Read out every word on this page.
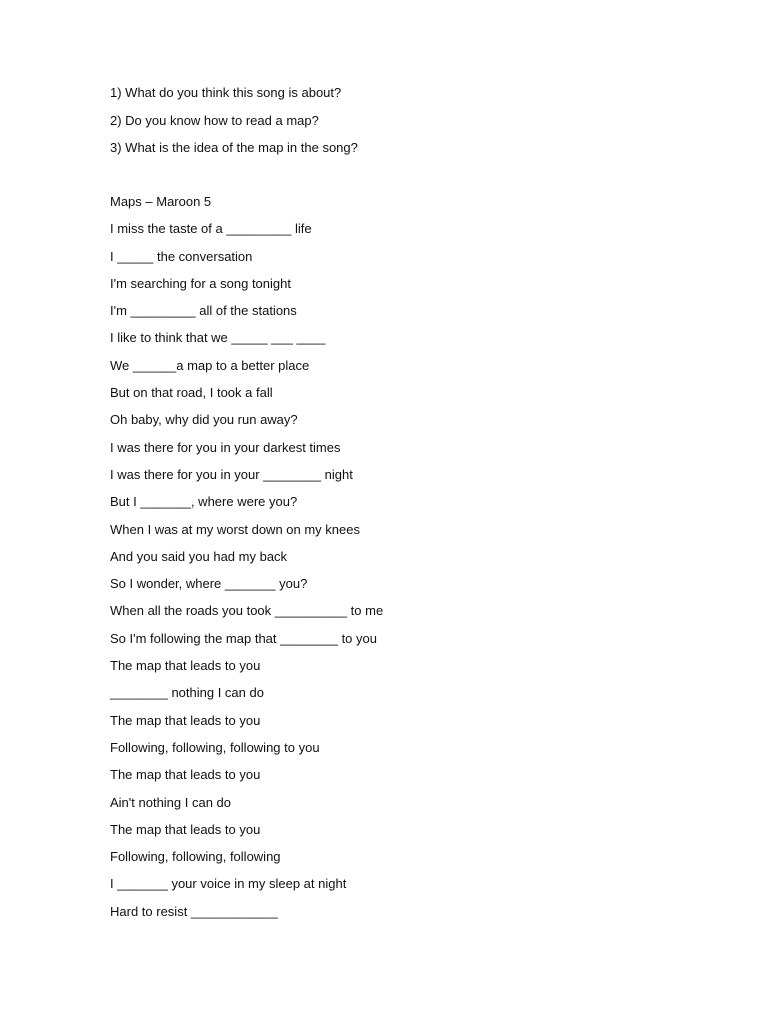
1) What do you think this song is about?
2) Do you know how to read a map?
3) What is the idea of the map in the song?
Maps – Maroon 5
I miss the taste of a _________ life
I _____ the conversation
I'm searching for a song tonight
I'm _________ all of the stations
I like to think that we _____ ___ ____
We ______a map to a better place
But on that road, I took a fall
Oh baby, why did you run away?
I was there for you in your darkest times
I was there for you in your ________ night
But I _______, where were you?
When I was at my worst down on my knees
And you said you had my back
So I wonder, where _______ you?
When all the roads you took __________ to me
So I'm following the map that ________ to you
The map that leads to you
________ nothing I can do
The map that leads to you
Following, following, following to you
The map that leads to you
Ain't nothing I can do
The map that leads to you
Following, following, following
I _______ your voice in my sleep at night
Hard to resist ____________
